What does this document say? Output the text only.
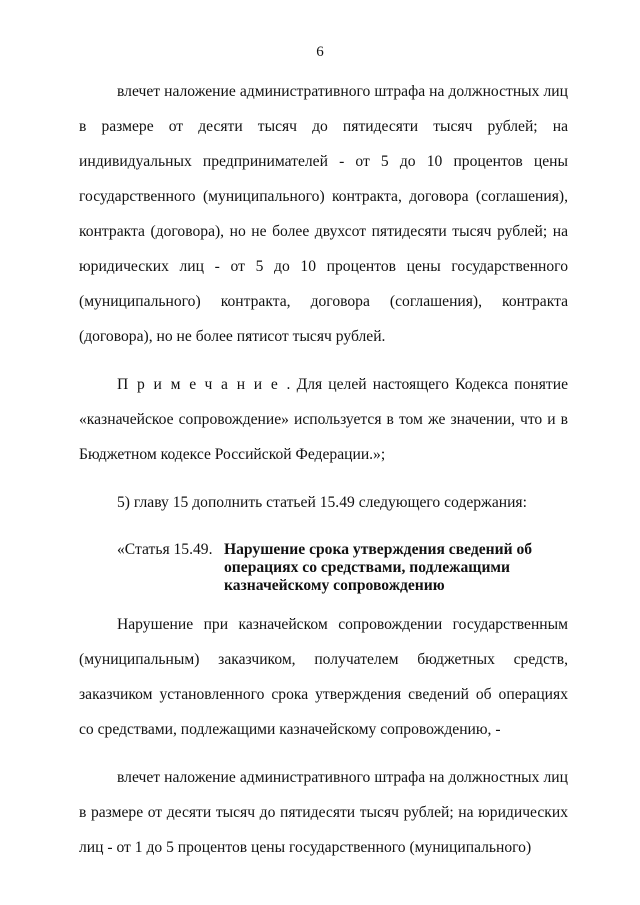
6

влечет наложение административного штрафа на должностных лиц в размере от десяти тысяч до пятидесяти тысяч рублей; на индивидуальных предпринимателей - от 5 до 10 процентов цены государственного (муниципального) контракта, договора (соглашения), контракта (договора), но не более двухсот пятидесяти тысяч рублей; на юридических лиц - от 5 до 10 процентов цены государственного (муниципального) контракта, договора (соглашения), контракта (договора), но не более пятисот тысяч рублей.

Примечание. Для целей настоящего Кодекса понятие «казначейское сопровождение» используется в том же значении, что и в Бюджетном кодексе Российской Федерации.»;

5) главу 15 дополнить статьей 15.49 следующего содержания:

«Статья 15.49. Нарушение срока утверждения сведений об
операциях со средствами, подлежащими
казначейскому сопровождению

Нарушение при казначейском сопровождении государственным (муниципальным) заказчиком, получателем бюджетных средств, заказчиком установленного срока утверждения сведений об операциях со средствами, подлежащими казначейскому сопровождению, -

влечет наложение административного штрафа на должностных лиц в размере от десяти тысяч до пятидесяти тысяч рублей; на юридических лиц - от 1 до 5 процентов цены государственного (муниципального)
